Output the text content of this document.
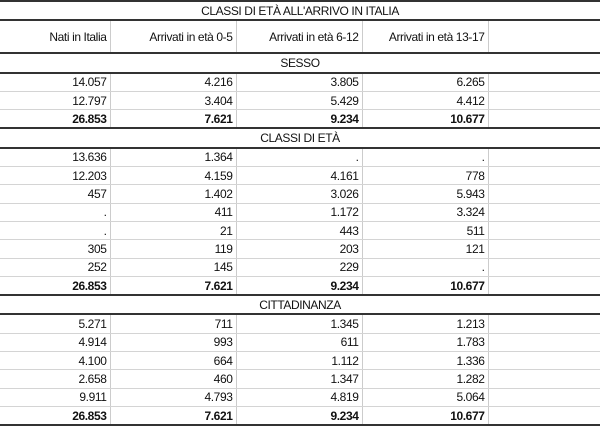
CLASSI DI ETÀ ALL'ARRIVO IN ITALIA				
Nati in Italia	Arrivati in età 0-5	Arrivati in età 6-12	Arrivati in età 13-17	
SESSO				
14.057	4.216	3.805	6.265	
12.797	3.404	5.429	4.412	
26.853	7.621	9.234	10.677	
CLASSI DI ETÀ				
13.636	1.364	.	.	
12.203	4.159	4.161	778	
457	1.402	3.026	5.943	
.	411	1.172	3.324	
.	21	443	511	
305	119	203	121	
252	145	229	.	
26.853	7.621	9.234	10.677	
CITTADINANZA				
5.271	711	1.345	1.213	
4.914	993	611	1.783	
4.100	664	1.112	1.336	
2.658	460	1.347	1.282	
9.911	4.793	4.819	5.064	
26.853	7.621	9.234	10.677	
